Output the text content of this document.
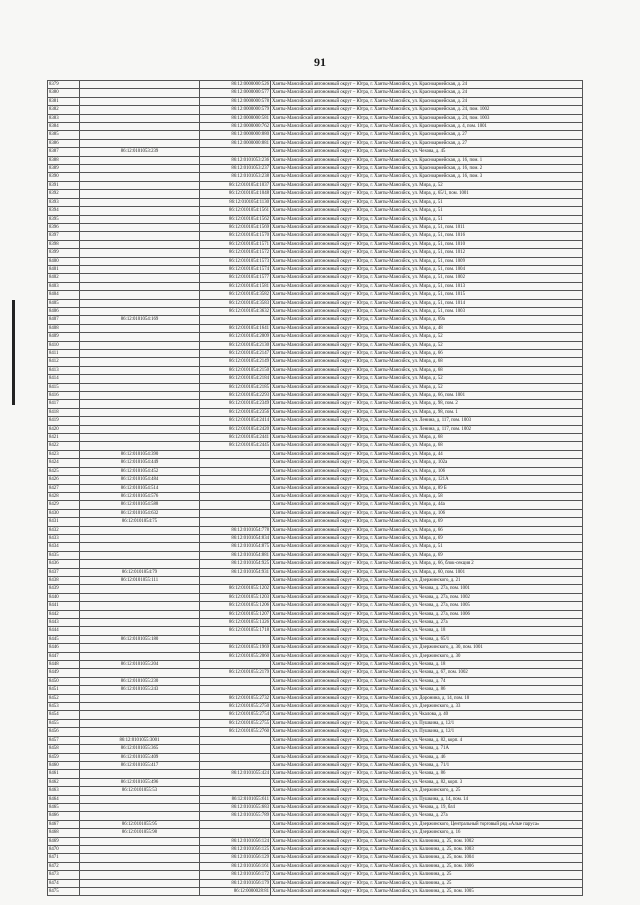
91
8379		86:12:0000000:526	Ханты-Мансийский автономный округ – Югра, г. Ханты-Мансийск, ул. Красноармейская, д. 24
8380		86:12:0000000:577	Ханты-Мансийский автономный округ – Югра, г. Ханты-Мансийск, ул. Красноармейская, д. 24
8381		86:12:0000000:578	Ханты-Мансийский автономный округ – Югра, г. Ханты-Мансийск, ул. Красноармейская, д. 24
8382		86:12:0000000:579	Ханты-Мансийский автономный округ – Югра, г. Ханты-Мансийск, ул. Красноармейская, д. 24, пом. 1002
8383		86:12:0000000:581	Ханты-Мансийский автономный округ – Югра, г. Ханты-Мансийск, ул. Красноармейская, д. 24, пом. 1003
8384		86:12:0000000:762	Ханты-Мансийский автономный округ – Югра, г. Ханты-Мансийск, ул. Красноармейская, д. 4, пом. 1001
8385		86:12:0000000:880	Ханты-Мансийский автономный округ – Югра, г. Ханты-Мансийск, ул. Красноармейская, д. 27
8386		86:12:0000000:881	Ханты-Мансийский автономный округ – Югра, г. Ханты-Мансийск, ул. Красноармейская, д. 27
8387	86:12:0101053:239		Ханты-Мансийский автономный округ – Югра, г. Ханты-Мансийск, ул. Чехова, д. 45
8388		86:12:0101053:236	Ханты-Мансийский автономный округ – Югра, г. Ханты-Мансийск, ул. Красноармейская, д. 16, пом. 1
8389		86:12:0101053:237	Ханты-Мансийский автономный округ – Югра, г. Ханты-Мансийск, ул. Красноармейская, д. 16, пом. 2
8390		86:12:0101053:238	Ханты-Мансийский автономный округ – Югра, г. Ханты-Мансийск, ул. Красноармейская, д. 16, пом. 3
8391		86:12:0101054:1037	Ханты-Мансийский автономный округ – Югра, г. Ханты-Мансийск, ул. Мира, д. 52
8392		86:12:0101054:1048	Ханты-Мансийский автономный округ – Югра, г. Ханты-Мансийск, ул. Мира, д. 65/1, пом. 1001
8393		86:12:0101054:1130	Ханты-Мансийский автономный округ – Югра, г. Ханты-Мансийск, ул. Мира, д. 51
8394		86:12:0101054:1561	Ханты-Мансийский автономный округ – Югра, г. Ханты-Мансийск, ул. Мира, д. 51
8395		86:12:0101054:1562	Ханты-Мансийский автономный округ – Югра, г. Ханты-Мансийск, ул. Мира, д. 51
8396		86:12:0101054:1569	Ханты-Мансийский автономный округ – Югра, г. Ханты-Мансийск, ул. Мира, д. 51, пом. 1011
8397		86:12:0101054:1570	Ханты-Мансийский автономный округ – Югра, г. Ханты-Мансийск, ул. Мира, д. 51, пом. 1016
8398		86:12:0101054:1571	Ханты-Мансийский автономный округ – Югра, г. Ханты-Мансийск, ул. Мира, д. 51, пом. 1010
8399		86:12:0101054:1572	Ханты-Мансийский автономный округ – Югра, г. Ханты-Мансийск, ул. Мира, д. 51, пом. 1012
8400		86:12:0101054:1573	Ханты-Мансийский автономный округ – Югра, г. Ханты-Мансийск, ул. Мира, д. 51, пом. 1009
8401		86:12:0101054:1574	Ханты-Мансийский автономный округ – Югра, г. Ханты-Мансийск, ул. Мира, д. 51, пом. 1004
8402		86:12:0101054:1577	Ханты-Мансийский автономный округ – Югра, г. Ханты-Мансийск, ул. Мира, д. 51, пом. 1002
8403		86:12:0101054:1581	Ханты-Мансийский автономный округ – Югра, г. Ханты-Мансийск, ул. Мира, д. 51, пом. 1013
8404		86:12:0101054:3582	Ханты-Мансийский автономный округ – Югра, г. Ханты-Мансийск, ул. Мира, д. 51, пом. 1015
8405		86:12:0101054:3583	Ханты-Мансийский автономный округ – Югра, г. Ханты-Мансийск, ул. Мира, д. 51, пом. 1014
8406		86:12:0101054:3632	Ханты-Мансийский автономный округ – Югра, г. Ханты-Мансийск, ул. Мира, д. 51, пом. 1003
8407	86:12:0101054:169		Ханты-Мансийский автономный округ – Югра, г. Ханты-Мансийск, ул. Мира, д. 69а
8408		86:12:0101054:1641	Ханты-Мансийский автономный округ – Югра, г. Ханты-Мансийск, ул. Мира, д. 48
8409		86:12:0101054:2009	Ханты-Мансийский автономный округ – Югра, г. Ханты-Мансийск, ул. Мира, д. 52
8410		86:12:0101054:2130	Ханты-Мансийский автономный округ – Югра, г. Ханты-Мансийск, ул. Мира, д. 52
8411		86:12:0101054:2147	Ханты-Мансийский автономный округ – Югра, г. Ханты-Мансийск, ул. Мира, д. 66
8412		86:12:0101054:2149	Ханты-Мансийский автономный округ – Югра, г. Ханты-Мансийск, ул. Мира, д. 68
8413		86:12:0101054:2150	Ханты-Мансийский автономный округ – Югра, г. Ханты-Мансийск, ул. Мира, д. 68
8414		86:12:0101054:2184	Ханты-Мансийский автономный округ – Югра, г. Ханты-Мансийск, ул. Мира, д. 52
8415		86:12:0101054:2185	Ханты-Мансийский автономный округ – Югра, г. Ханты-Мансийск, ул. Мира, д. 52
8416		86:12:0101054:2293	Ханты-Мансийский автономный округ – Югра, г. Ханты-Мансийск, ул. Мира, д. 66, пом. 1001
8417		86:12:0101054:2349	Ханты-Мансийский автономный округ – Югра, г. Ханты-Мансийск, ул. Мира, д. 98, пом. 2
8418		86:12:0101054:2356	Ханты-Мансийский автономный округ – Югра, г. Ханты-Мансийск, ул. Мира, д. 98, пом. 1
8419		86:12:0101054:2414	Ханты-Мансийский автономный округ – Югра, г. Ханты-Мансийск, ул. Ленина, д. 117, пом. 1003
8420		86:12:0101054:2420	Ханты-Мансийский автономный округ – Югра, г. Ханты-Мансийск, ул. Ленина, д. 117, пом. 1002
8421		86:12:0101054:2441	Ханты-Мансийский автономный округ – Югра, г. Ханты-Мансийск, ул. Мира, д. 68
8422		86:12:0101054:2445	Ханты-Мансийский автономный округ – Югра, г. Ханты-Мансийск, ул. Мира, д. 68
8423	86:12:0101054:390		Ханты-Мансийский автономный округ – Югра, г. Ханты-Мансийск, ул. Мира, д. 44
8424	86:12:0101054:449		Ханты-Мансийский автономный округ – Югра, г. Ханты-Мансийск, ул. Мира, д. 102а
8425	86:12:0101054:452		Ханты-Мансийский автономный округ – Югра, г. Ханты-Мансийск, ул. Мира, д. 106
8426	86:12:0101054:484		Ханты-Мансийский автономный округ – Югра, г. Ханты-Мансийск, ул. Мира, д. 121А
8427	86:12:0101054:514		Ханты-Мансийский автономный округ – Югра, г. Ханты-Мансийск, ул. Мира, д. 89 Б
8428	86:12:0101054:576		Ханты-Мансийский автономный округ – Югра, г. Ханты-Мансийск, ул. Мира, д. 58
8429	86:12:0101054:588		Ханты-Мансийский автономный округ – Югра, г. Ханты-Мансийск, ул. Мира, д. 44а
8430	86:12:0101054:632		Ханты-Мансийский автономный округ – Югра, г. Ханты-Мансийск, ул. Мира, д. 106
8431	86:12:0101054:75		Ханты-Мансийский автономный округ – Югра, г. Ханты-Мансийск, ул. Мира, д. 69
8432		86:12:0101054:778	Ханты-Мансийский автономный округ – Югра, г. Ханты-Мансийск, ул. Мира, д. 66
8433		86:12:0101054:834	Ханты-Мансийский автономный округ – Югра, г. Ханты-Мансийск, ул. Мира, д. 69
8434		86:12:0101054:875	Ханты-Мансийский автономный округ – Югра, г. Ханты-Мансийск, ул. Мира, д. 51
8435		86:12:0101054:881	Ханты-Мансийский автономный округ – Югра, г. Ханты-Мансийск, ул. Мира, д. 69
8436		86:12:0101054:925	Ханты-Мансийский автономный округ – Югра, г. Ханты-Мансийск, ул. Мира, д. 66, блок-секция 2
8437	86:12:0101054:79	86:12:0101054:931	Ханты-Мансийский автономный округ – Югра, г. Ханты-Мансийск, ул. Мира, д. 60, пом. 1001
8438	86:12:0101055:111		Ханты-Мансийский автономный округ – Югра, г. Ханты-Мансийск, ул. Дзержинского, д. 21
8439		86:12:0101055:1202	Ханты-Мансийский автономный округ – Югра, г. Ханты-Мансийск, ул. Чехова, д. 27а, пом. 1001
8440		86:12:0101055:1203	Ханты-Мансийский автономный округ – Югра, г. Ханты-Мансийск, ул. Чехова, д. 27а, пом. 1002
8441		86:12:0101055:1206	Ханты-Мансийский автономный округ – Югра, г. Ханты-Мансийск, ул. Чехова, д. 27а, пом. 1005
8442		86:12:0101055:1207	Ханты-Мансийский автономный округ – Югра, г. Ханты-Мансийск, ул. Чехова, д. 27а, пом. 1006
8443		86:12:0101055:1326	Ханты-Мансийский автономный округ – Югра, г. Ханты-Мансийск, ул. Чехова, д. 27а
8444		86:12:0101055:1718	Ханты-Мансийский автономный округ – Югра, г. Ханты-Мансийск, ул. Чехова, д. 18
8445	86:12:0101055:180		Ханты-Мансийский автономный округ – Югра, г. Ханты-Мансийск, ул. Чехова, д. 65/1
8446		86:12:0101055:1969	Ханты-Мансийский автономный округ – Югра, г. Ханты-Мансийск, ул. Дзержинского, д. 30, пом. 1001
8447		86:12:0101055:2060	Ханты-Мансийский автономный округ – Югра, г. Ханты-Мансийск, ул. Дзержинского, д. 30
8448	86:12:0101055:204		Ханты-Мансийский автономный округ – Югра, г. Ханты-Мансийск, ул. Чехова, д. 18
8449		86:12:0101055:2179	Ханты-Мансийский автономный округ – Югра, г. Ханты-Мансийск, ул. Чехова, д. 67, пом. 1002
8450	86:12:0101055:230		Ханты-Мансийский автономный округ – Югра, г. Ханты-Мансийск, ул. Чехова, д. 74
8451	86:12:0101055:243		Ханты-Мансийский автономный округ – Югра, г. Ханты-Мансийск, ул. Чехова, д. 86
8452		86:12:0101055:2732	Ханты-Мансийский автономный округ – Югра, г. Ханты-Мансийск, ул. Доронина, д. 14, пом. 10
8453		86:12:0101055:2750	Ханты-Мансийский автономный округ – Югра, г. Ханты-Мансийск, ул. Дзержинского, д. 33
8454		86:12:0101055:2754	Ханты-Мансийский автономный округ – Югра, г. Ханты-Мансийск, ул. Чкалова, д. 40
8455		86:12:0101055:2755	Ханты-Мансийский автономный округ – Югра, г. Ханты-Мансийск, ул. Пушкина, д. 12/1
8456		86:12:0101055:2760	Ханты-Мансийский автономный округ – Югра, г. Ханты-Мансийск, ул. Пушкина, д. 12/1
8457	86:12:0101055:3001		Ханты-Мансийский автономный округ – Югра, г. Ханты-Мансийск, ул. Чехова, д. 82, корп. 4
8458	86:12:0101055:365		Ханты-Мансийский автономный округ – Югра, г. Ханты-Мансийск, ул. Чехова, д. 71А
8459	86:12:0101055:409		Ханты-Мансийский автономный округ – Югра, г. Ханты-Мансийск, ул. Чехова, д. 46
8460	86:12:0101055:417		Ханты-Мансийский автономный округ – Югра, г. Ханты-Мансийск, ул. Чехова, д. 71/1
8461		86:12:0101055:424	Ханты-Мансийский автономный округ – Югра, г. Ханты-Мансийск, ул. Чехова, д. 86
8462	86:12:0101055:496		Ханты-Мансийский автономный округ – Югра, г. Ханты-Мансийск, ул. Чехова, д. 82, корп. 3
8463	86:12:0101055:53		Ханты-Мансийский автономный округ – Югра, г. Ханты-Мансийск, ул. Дзержинского, д. 25
8464		86:12:0101055:611	Ханты-Мансийский автономный округ – Югра, г. Ханты-Мансийск, ул. Пушкина, д. 14, пом. 14
8465		86:12:0101055:683	Ханты-Мансийский автономный округ – Югра, г. Ханты-Мансийск, ул. Чехова, д. 19, бл4
8466		86:12:0101055:789	Ханты-Мансийский автономный округ – Югра, г. Ханты-Мансийск, ул. Чехова, д. 27а
8467	86:12:0101055:95		Ханты-Мансийский автономный округ – Югра, г. Ханты-Мансийск, ул. Дзержинского, Центральный торговый ряд «Алые паруса»
8468	86:12:0101055:98		Ханты-Мансийский автономный округ – Югра, г. Ханты-Мансийск, ул. Дзержинского, д. 16
8469		86:12:0101056:124	Ханты-Мансийский автономный округ – Югра, г. Ханты-Мансийск, ул. Калинина, д. 25, пом. 1002
8470		86:12:0101056:125	Ханты-Мансийский автономный округ – Югра, г. Ханты-Мансийск, ул. Калинина, д. 25, пом. 1003
8471		86:12:0101056:129	Ханты-Мансийский автономный округ – Югра, г. Ханты-Мансийск, ул. Калинина, д. 25, пом. 1004
8472		86:12:0101056:161	Ханты-Мансийский автономный округ – Югра, г. Ханты-Мансийск, ул. Калинина, д. 25, пом. 1006
8473		86:12:0101056:172	Ханты-Мансийский автономный округ – Югра, г. Ханты-Мансийск, ул. Калинина, д. 25
8474		86:12:0101056:179	Ханты-Мансийский автономный округ – Югра, г. Ханты-Мансийск, ул. Калинина, д. 25
8475		86:12:0000028:81	Ханты-Мансийский автономный округ – Югра, г. Ханты-Мансийск, ул. Калинина, д. 25, пом. 1005
